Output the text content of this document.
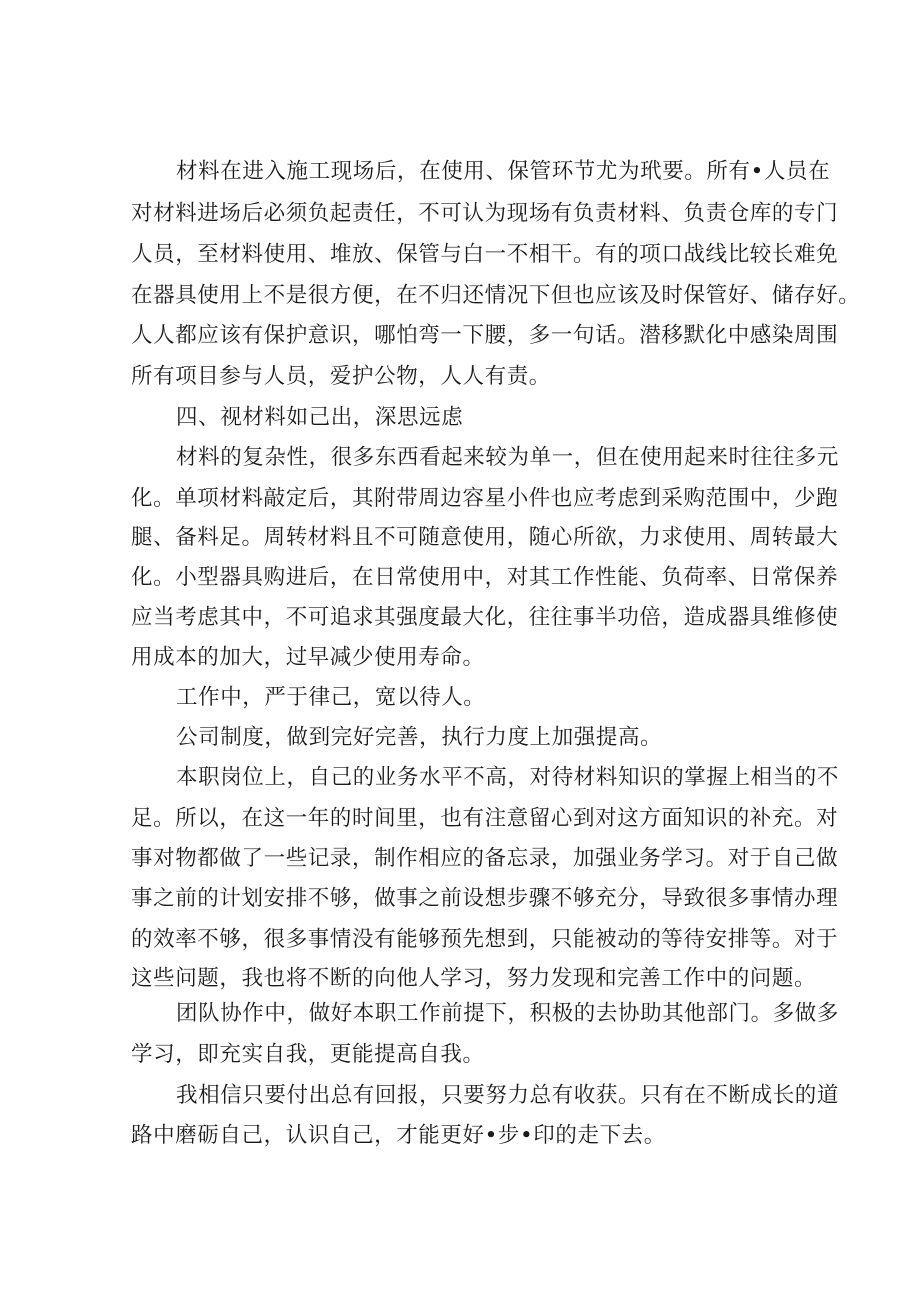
材料在进入施工现场后，在使用、保管环节尤为玳要。所有•人员在
对材料进场后必须负起责任，不可认为现场有负责材料、负责仓库的专门
人员，至材料使用、堆放、保管与白一不相干。有的项口战线比较长难免
在器具使用上不是很方便，在不归还情况下但也应该及时保管好、储存好。
人人都应该有保护意识，哪怕弯一下腰，多一句话。潜移默化中感染周围
所有项目参与人员，爱护公物，人人有责。
四、视材料如己出，深思远虑
材料的复杂性，很多东西看起来较为单一，但在使用起来时往往多元
化。单项材料敲定后，其附带周边容星小件也应考虑到采购范围中，少跑
腿、备料足。周转材料且不可随意使用，随心所欲，力求使用、周转最大
化。小型器具购进后，在日常使用中，对其工作性能、负荷率、日常保养
应当考虑其中，不可追求其强度最大化，往往事半功倍，造成器具维修使
用成本的加大，过早减少使用寿命。
工作中，严于律己，宽以待人。
公司制度，做到完好完善，执行力度上加强提高。
本职岗位上，自己的业务水平不高，对待材料知识的掌握上相当的不
足。所以，在这一年的时间里，也有注意留心到对这方面知识的补充。对
事对物都做了一些记录，制作相应的备忘录，加强业务学习。对于自己做
事之前的计划安排不够，做事之前设想步骤不够充分，导致很多事情办理
的效率不够，很多事情没有能够预先想到，只能被动的等待安排等。对于
这些问题，我也将不断的向他人学习，努力发现和完善工作中的问题。
团队协作中，做好本职工作前提下，积极的去协助其他部门。多做多
学习，即充实自我，更能提高自我。
我相信只要付出总有回报，只要努力总有收获。只有在不断成长的道
路中磨砺自己，认识自己，才能更好•步•印的走下去。
